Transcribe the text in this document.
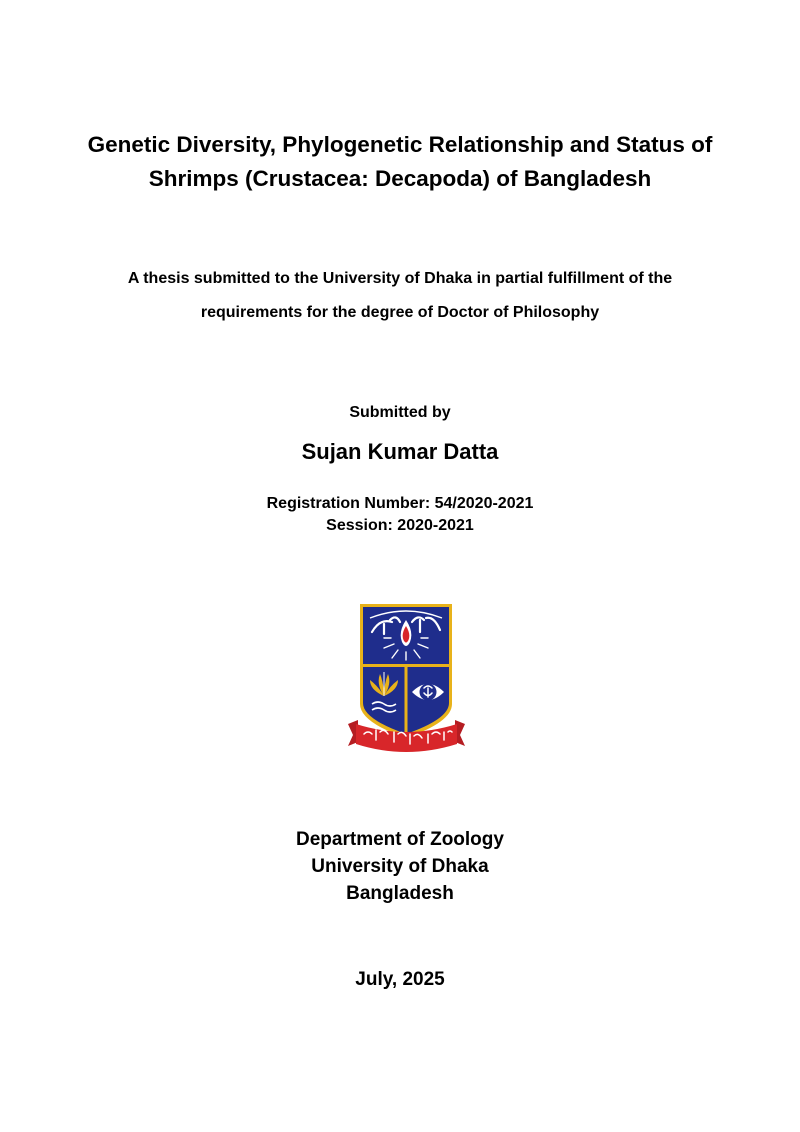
Genetic Diversity, Phylogenetic Relationship and Status of
Shrimps (Crustacea: Decapoda) of Bangladesh
A thesis submitted to the University of Dhaka in partial fulfillment of the
requirements for the degree of Doctor of Philosophy
Submitted by
Sujan Kumar Datta
Registration Number: 54/2020-2021
Session: 2020-2021
Department of Zoology
University of Dhaka
Bangladesh
July, 2025
